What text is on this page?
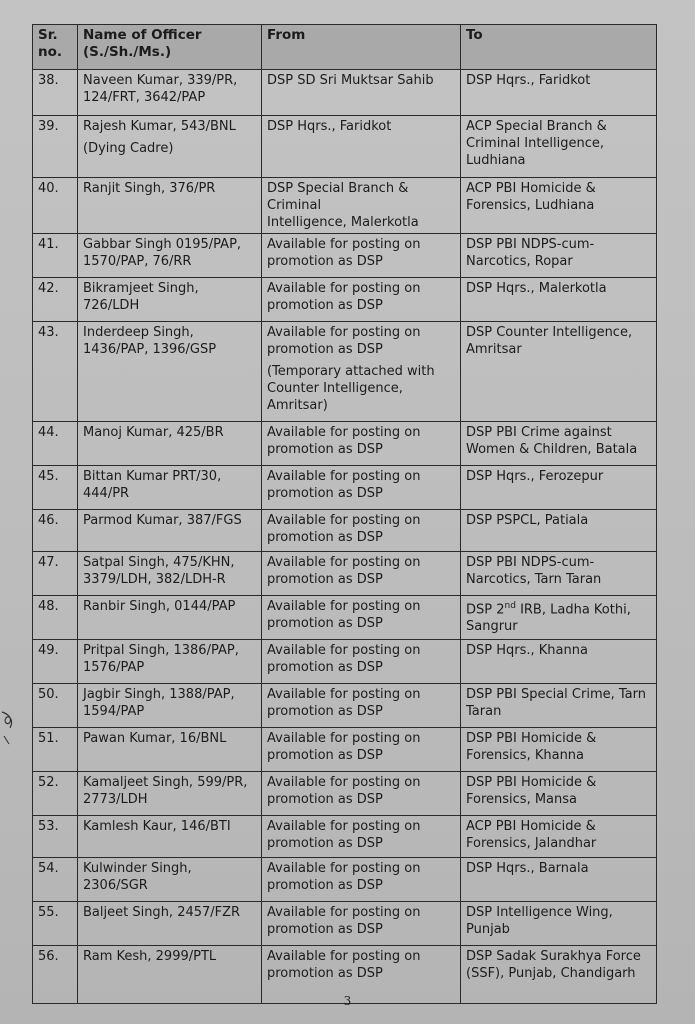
Sr.
no.	Name of Officer
(S./Sh./Ms.)	From	To
38.	Naveen Kumar, 339/PR,
124/FRT, 3642/PAP	DSP SD Sri Muktsar Sahib	DSP Hqrs., Faridkot
39.	Rajesh Kumar, 543/BNL
(Dying Cadre)	DSP Hqrs., Faridkot	ACP Special Branch &
Criminal Intelligence,
Ludhiana
40.	Ranjit Singh, 376/PR	DSP Special Branch & Criminal
Intelligence, Malerkotla	ACP PBI Homicide &
Forensics, Ludhiana
41.	Gabbar Singh 0195/PAP,
1570/PAP, 76/RR	Available for posting on
promotion as DSP	DSP PBI NDPS-cum-
Narcotics, Ropar
42.	Bikramjeet Singh, 726/LDH	Available for posting on
promotion as DSP	DSP Hqrs., Malerkotla
43.	Inderdeep Singh,
1436/PAP, 1396/GSP	Available for posting on
promotion as DSP
(Temporary attached with
Counter Intelligence,
Amritsar)	DSP Counter Intelligence,
Amritsar
44.	Manoj Kumar, 425/BR	Available for posting on
promotion as DSP	DSP PBI Crime against
Women & Children, Batala
45.	Bittan Kumar PRT/30,
444/PR	Available for posting on
promotion as DSP	DSP Hqrs., Ferozepur
46.	Parmod Kumar, 387/FGS	Available for posting on
promotion as DSP	DSP PSPCL, Patiala
47.	Satpal Singh, 475/KHN,
3379/LDH, 382/LDH-R	Available for posting on
promotion as DSP	DSP PBI NDPS-cum-
Narcotics, Tarn Taran
48.	Ranbir Singh, 0144/PAP	Available for posting on
promotion as DSP	DSP 2nd IRB, Ladha Kothi,
Sangrur
49.	Pritpal Singh, 1386/PAP,
1576/PAP	Available for posting on
promotion as DSP	DSP Hqrs., Khanna
50.	Jagbir Singh, 1388/PAP,
1594/PAP	Available for posting on
promotion as DSP	DSP PBI Special Crime, Tarn
Taran
51.	Pawan Kumar, 16/BNL	Available for posting on
promotion as DSP	DSP PBI Homicide &
Forensics, Khanna
52.	Kamaljeet Singh, 599/PR,
2773/LDH	Available for posting on
promotion as DSP	DSP PBI Homicide &
Forensics, Mansa
53.	Kamlesh Kaur, 146/BTI	Available for posting on
promotion as DSP	ACP PBI Homicide &
Forensics, Jalandhar
54.	Kulwinder Singh, 2306/SGR	Available for posting on
promotion as DSP	DSP Hqrs., Barnala
55.	Baljeet Singh, 2457/FZR	Available for posting on
promotion as DSP	DSP Intelligence Wing,
Punjab
56.	Ram Kesh, 2999/PTL	Available for posting on
promotion as DSP	DSP Sadak Surakhya Force
(SSF), Punjab, Chandigarh
3
